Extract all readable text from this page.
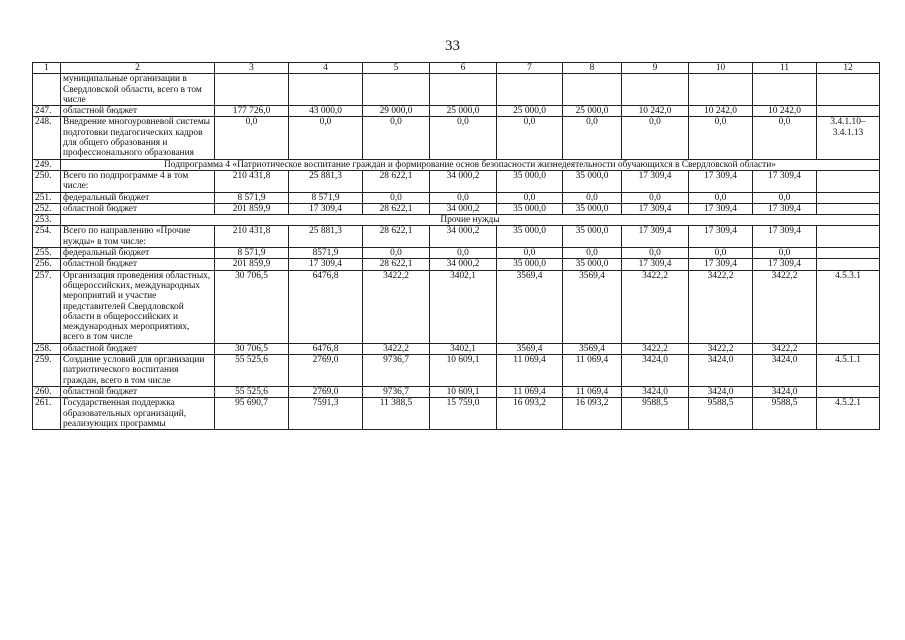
33
1	2	3	4	5	6	7	8	9	10	11	12
	муниципальные организации в Свердловской области, всего в том числе										
247.	областной бюджет	177 726,0	43 000,0	29 000,0	25 000,0	25 000,0	25 000,0	10 242,0	10 242,0	10 242,0	
248.	Внедрение многоуровневой системы подготовки педагогических кадров для общего образования и профессионального образования	0,0	0,0	0,0	0,0	0,0	0,0	0,0	0,0	0,0	3.4.1.10– 3.4.1.13
249.	Подпрограмма 4 «Патриотическое воспитание граждан и формирование основ безопасности жизнедеятельности обучающихся в Свердловской области»										
250.	Всего по подпрограмме 4 в том числе:	210 431,8	25 881,3	28 622,1	34 000,2	35 000,0	35 000,0	17 309,4	17 309,4	17 309,4	
251.	федеральный бюджет	8 571,9	8 571,9	0,0	0,0	0,0	0,0	0,0	0,0	0,0	
252.	областной бюджет	201 859,9	17 309,4	28 622,1	34 000,2	35 000,0	35 000,0	17 309,4	17 309,4	17 309,4	
253.	Прочие нужды										
254.	Всего по направлению «Прочие нужды» в том числе:	210 431,8	25 881,3	28 622,1	34 000,2	35 000,0	35 000,0	17 309,4	17 309,4	17 309,4	
255.	федеральный бюджет	8 571,9	8571,9	0,0	0,0	0,0	0,0	0,0	0,0	0,0	
256.	областной бюджет	201 859,9	17 309,4	28 622,1	34 000,2	35 000,0	35 000,0	17 309,4	17 309,4	17 309,4	
257.	Организация проведения областных, общероссийских, международных мероприятий и участие представителей Свердловской области в общероссийских и международных мероприятиях, всего в том числе	30 706,5	6476,8	3422,2	3402,1	3569,4	3569,4	3422,2	3422,2	3422,2	4.5.3.1
258.	областной бюджет	30 706,5	6476,8	3422,2	3402,1	3569,4	3569,4	3422,2	3422,2	3422,2	
259.	Создание условий для организации патриотического воспитания граждан, всего в том числе	55 525,6	2769,0	9736,7	10 609,1	11 069,4	11 069,4	3424,0	3424,0	3424,0	4.5.1.1
260.	областной бюджет	55 525,6	2769,0	9736,7	10 609,1	11 069,4	11 069,4	3424,0	3424,0	3424,0	
261.	Государственная поддержка образовательных организаций, реализующих программы	95 690,7	7591,3	11 388,5	15 759,0	16 093,2	16 093,2	9588,5	9588,5	9588,5	4.5.2.1
